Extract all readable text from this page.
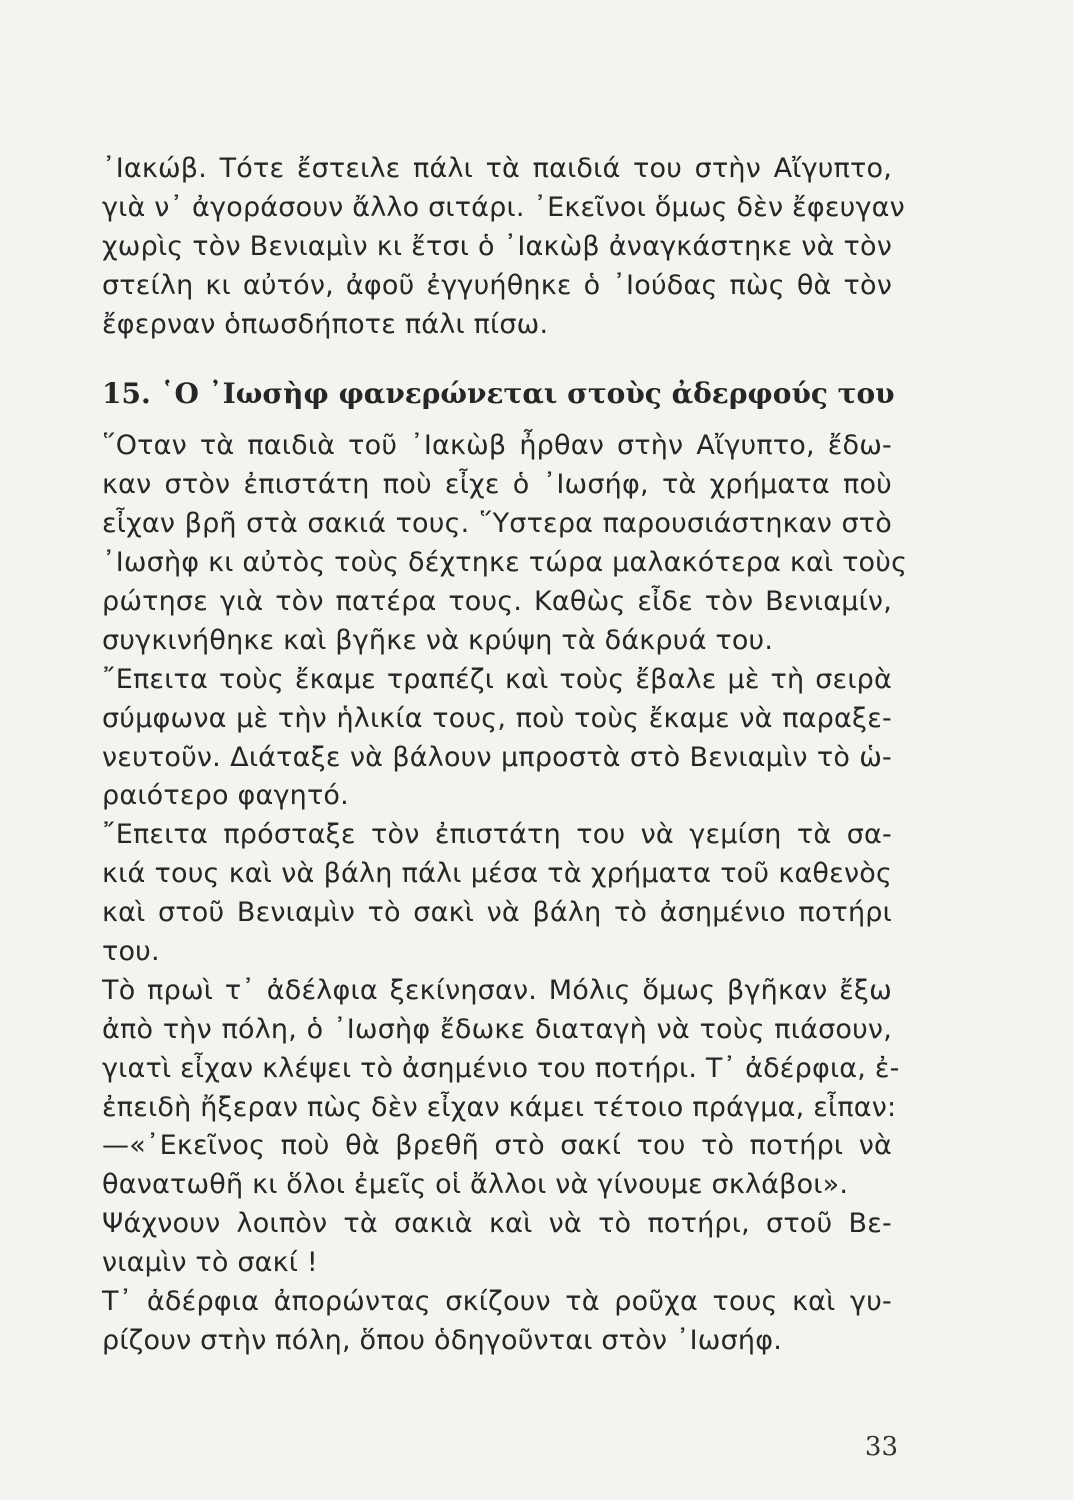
᾿Ιακώβ. Τότε ἔστειλε πάλι τὰ παιδιά του στὴν Αἴγυπτο,
γιὰ ν᾿ ἀγοράσουν ἄλλο σιτάρι. ᾿Εκεῖνοι ὅμως δὲν ἔφευγαν
χωρὶς τὸν Βενιαμὶν κι ἔτσι ὁ ᾿Ιακὼβ ἀναγκάστηκε νὰ τὸν
στείλη κι αὐτόν, ἀφοῦ ἐγγυήθηκε ὁ ᾿Ιούδας πὼς θὰ τὸν
ἔφερναν ὁπωσδήποτε πάλι πίσω.
15. ῾Ο ᾿Ιωσὴφ φανερώνεται στοὺς ἀδερφούς του
῞Οταν τὰ παιδιὰ τοῦ ᾿Ιακὼβ ἦρθαν στὴν Αἴγυπτο, ἔδω-
καν στὸν ἐπιστάτη ποὺ εἶχε ὁ ᾿Ιωσήφ, τὰ χρήματα ποὺ
εἶχαν βρῆ στὰ σακιά τους. ῞Υστερα παρουσιάστηκαν στὸ
᾿Ιωσὴφ κι αὐτὸς τοὺς δέχτηκε τώρα μαλακότερα καὶ τοὺς
ρώτησε γιὰ τὸν πατέρα τους. Καθὼς εἶδε τὸν Βενιαμίν,
συγκινήθηκε καὶ βγῆκε νὰ κρύψη τὰ δάκρυά του.
῎Επειτα τοὺς ἔκαμε τραπέζι καὶ τοὺς ἔβαλε μὲ τὴ σειρὰ
σύμφωνα μὲ τὴν ἡλικία τους, ποὺ τοὺς ἔκαμε νὰ παραξε-
νευτοῦν. Διάταξε νὰ βάλουν μπροστὰ στὸ Βενιαμὶν τὸ ὡ-
ραιότερο φαγητό.
῎Επειτα πρόσταξε τὸν ἐπιστάτη του νὰ γεμίση τὰ σα-
κιά τους καὶ νὰ βάλη πάλι μέσα τὰ χρήματα τοῦ καθενὸς
καὶ στοῦ Βενιαμὶν τὸ σακὶ νὰ βάλη τὸ ἀσημένιο ποτήρι
του.
Τὸ πρωὶ τ᾿ ἀδέλφια ξεκίνησαν. Μόλις ὅμως βγῆκαν ἔξω
ἀπὸ τὴν πόλη, ὁ ᾿Ιωσὴφ ἔδωκε διαταγὴ νὰ τοὺς πιάσουν,
γιατὶ εἶχαν κλέψει τὸ ἀσημένιο του ποτήρι. Τ᾿ ἀδέρφια, ἐ-
ἐπειδὴ ἤξεραν πὼς δὲν εἶχαν κάμει τέτοιο πράγμα, εἶπαν:
—«᾿Εκεῖνος ποὺ θὰ βρεθῆ στὸ σακί του τὸ ποτήρι νὰ
θανατωθῆ κι ὅλοι ἐμεῖς οἱ ἄλλοι νὰ γίνουμε σκλάβοι».
Ψάχνουν λοιπὸν τὰ σακιὰ καὶ νὰ τὸ ποτήρι, στοῦ Βε-
νιαμὶν τὸ σακί !
Τ᾿ ἀδέρφια ἀπορώντας σκίζουν τὰ ροῦχα τους καὶ γυ-
ρίζουν στὴν πόλη, ὅπου ὁδηγοῦνται στὸν ᾿Ιωσήφ.
33
